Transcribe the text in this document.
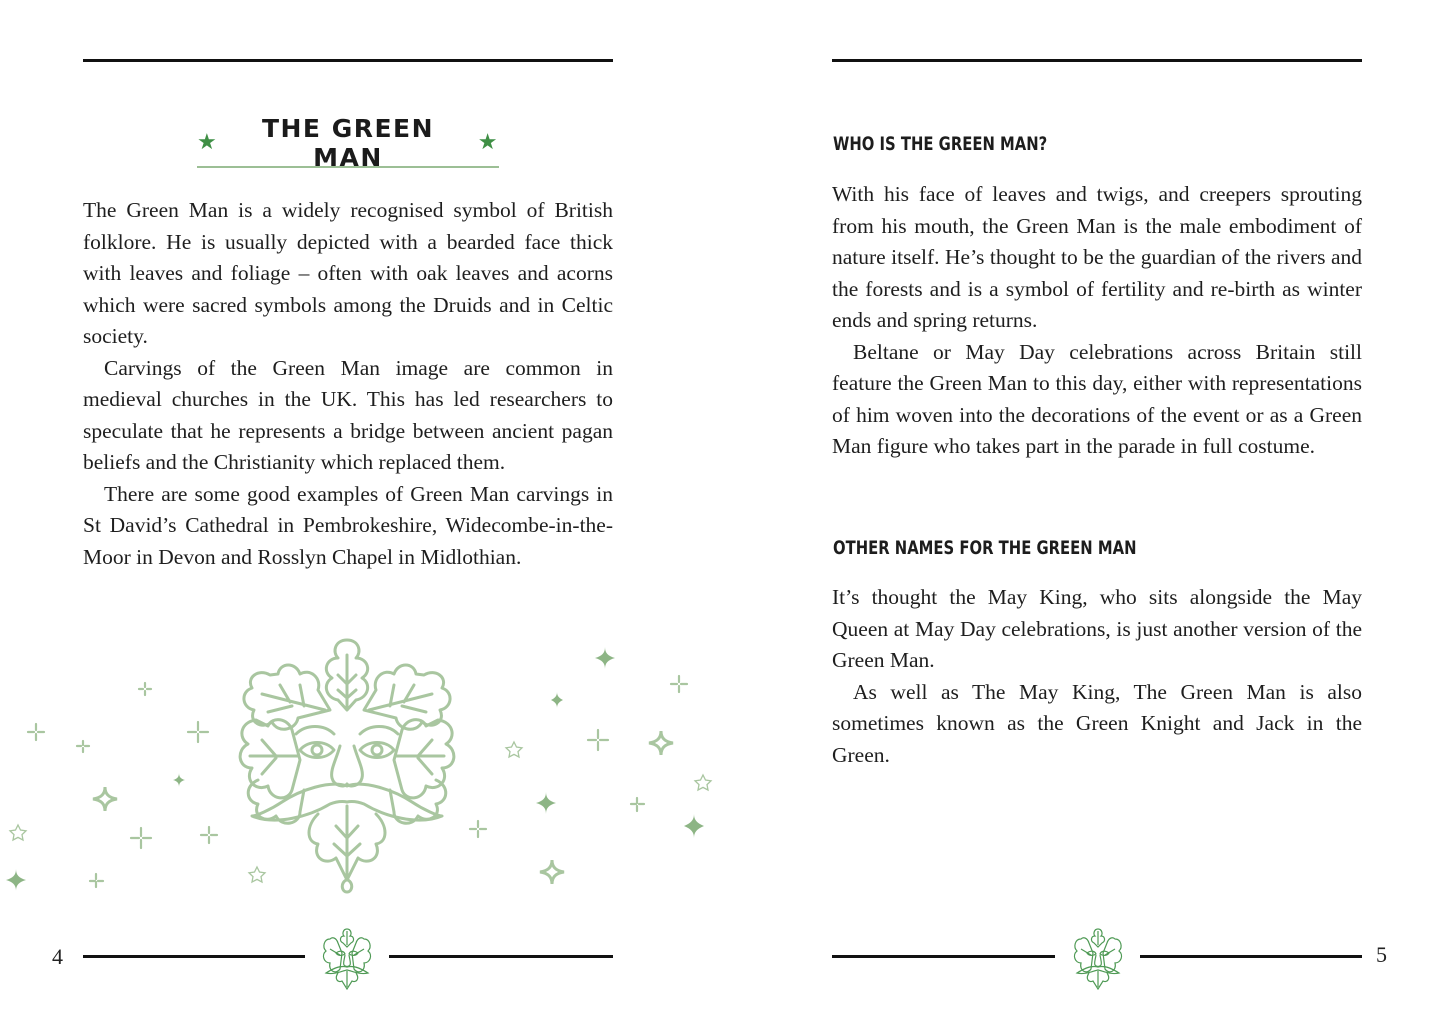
★	THE GREEN MAN
★

The Green Man is a widely recognised symbol of British folklore. He is usually depicted with a bearded face thick with leaves and foliage – often with oak leaves and acorns which were sacred symbols among the Druids and in Celtic society.

Carvings of the Green Man image are common in medieval churches in the UK. This has led researchers to speculate that he represents a bridge between ancient pagan beliefs and the Christianity which replaced them.

There are some good examples of Green Man carvings in St David’s Cathedral in Pembrokeshire, Widecombe-in-the-Moor in Devon and Rosslyn Chapel in Midlothian.

4
WHO IS THE GREEN MAN?

With his face of leaves and twigs, and creepers sprouting from his mouth, the Green Man is the male embodiment of nature itself. He’s thought to be the guardian of the rivers and the forests and is a symbol of fertility and re-birth as winter ends and spring returns.

Beltane or May Day celebrations across Britain still feature the Green Man to this day, either with representations of him woven into the decorations of the event or as a Green Man figure who takes part in the parade in full costume.

OTHER NAMES FOR THE GREEN MAN

It’s thought the May King, who sits alongside the May Queen at May Day celebrations, is just another version of the Green Man.

As well as The May King, The Green Man is also sometimes known as the Green Knight and Jack in the Green.

5
